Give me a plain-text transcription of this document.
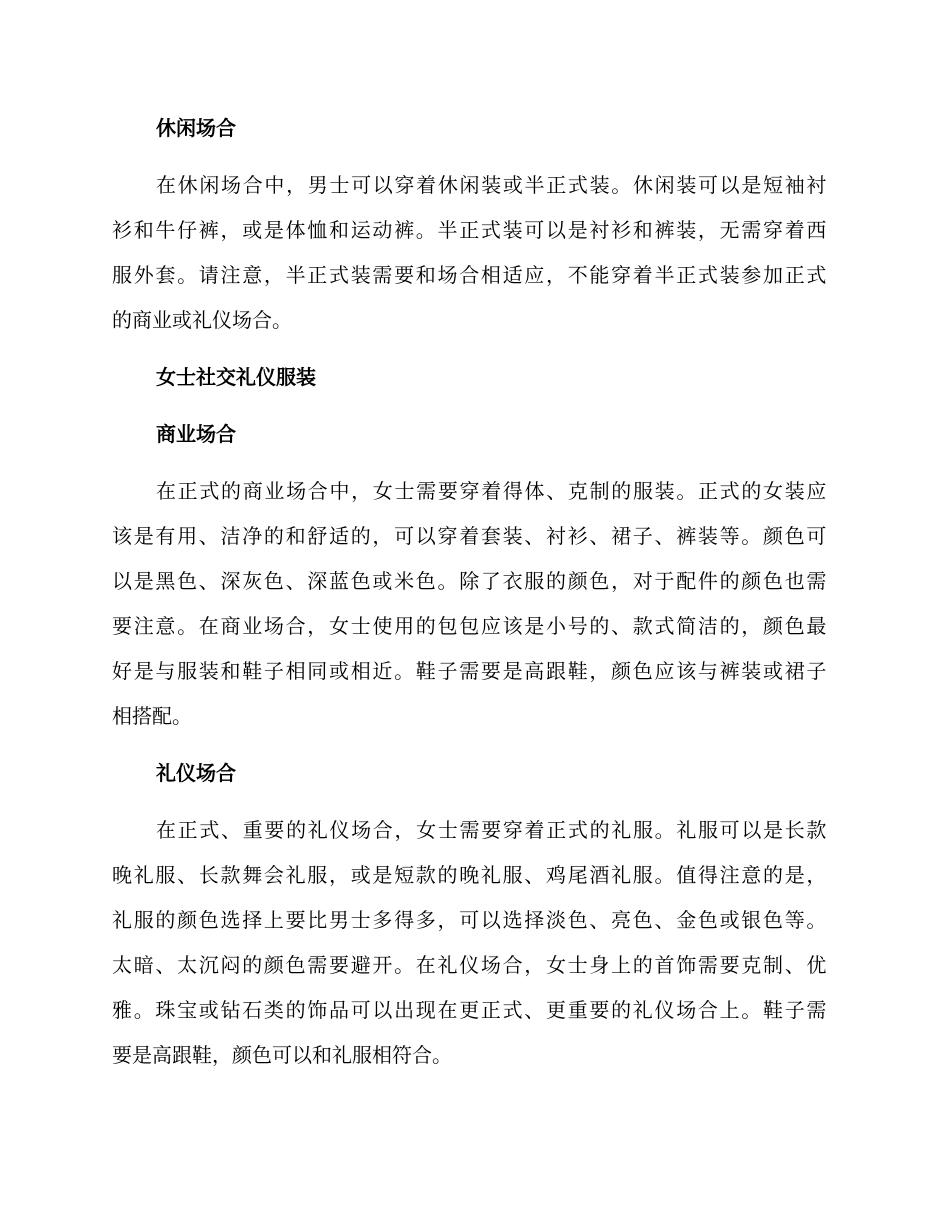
休闲场合
在休闲场合中，男士可以穿着休闲装或半正式装。休闲装可以是短袖衬
衫和牛仔裤，或是体恤和运动裤。半正式装可以是衬衫和裤装，无需穿着西
服外套。请注意，半正式装需要和场合相适应，不能穿着半正式装参加正式
的商业或礼仪场合。
女士社交礼仪服装
商业场合
在正式的商业场合中，女士需要穿着得体、克制的服装。正式的女装应
该是有用、洁净的和舒适的，可以穿着套装、衬衫、裙子、裤装等。颜色可
以是黑色、深灰色、深蓝色或米色。除了衣服的颜色，对于配件的颜色也需
要注意。在商业场合，女士使用的包包应该是小号的、款式简洁的，颜色最
好是与服装和鞋子相同或相近。鞋子需要是高跟鞋，颜色应该与裤装或裙子
相搭配。
礼仪场合
在正式、重要的礼仪场合，女士需要穿着正式的礼服。礼服可以是长款
晚礼服、长款舞会礼服，或是短款的晚礼服、鸡尾酒礼服。值得注意的是，
礼服的颜色选择上要比男士多得多，可以选择淡色、亮色、金色或银色等。
太暗、太沉闷的颜色需要避开。在礼仪场合，女士身上的首饰需要克制、优
雅。珠宝或钻石类的饰品可以出现在更正式、更重要的礼仪场合上。鞋子需
要是高跟鞋，颜色可以和礼服相符合。
